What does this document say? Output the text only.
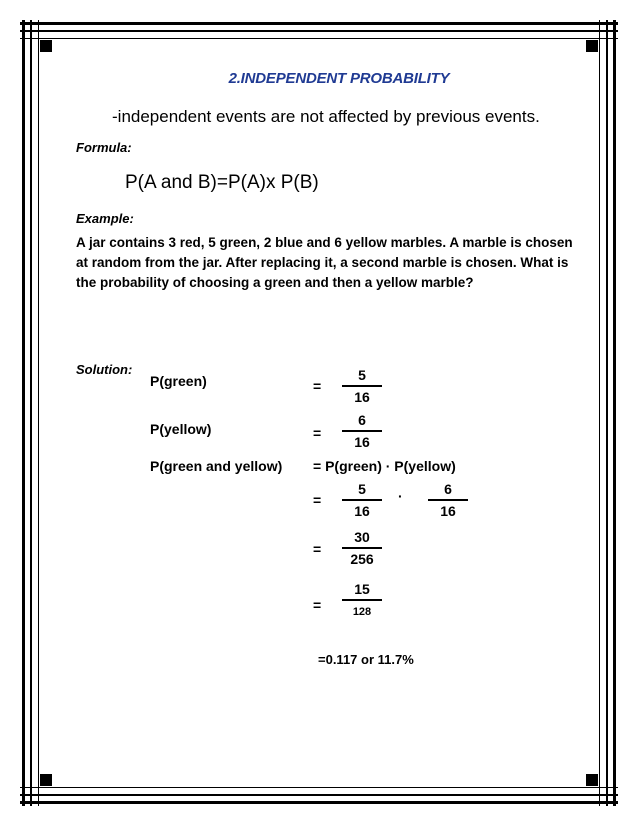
2.INDEPENDENT PROBABILITY
-independent events are not affected by previous events.
Formula:
P(A and B)=P(A)x P(B)
Example:
A jar contains 3 red, 5 green, 2 blue and 6 yellow marbles. A marble is chosen at random from the jar. After replacing it, a second marble is chosen. What is the probability of choosing a green and then a yellow marble?
Solution:
P(green)	= $\frac{5}{16}$
P(yellow)	= $\frac{6}{16}$
P(green and yellow) = P(green) · P(yellow)
= $\frac{5}{16} \cdot \frac{6}{16}$
= $\frac{30}{256}$
=
15
128
=0.117 or 11.7%
